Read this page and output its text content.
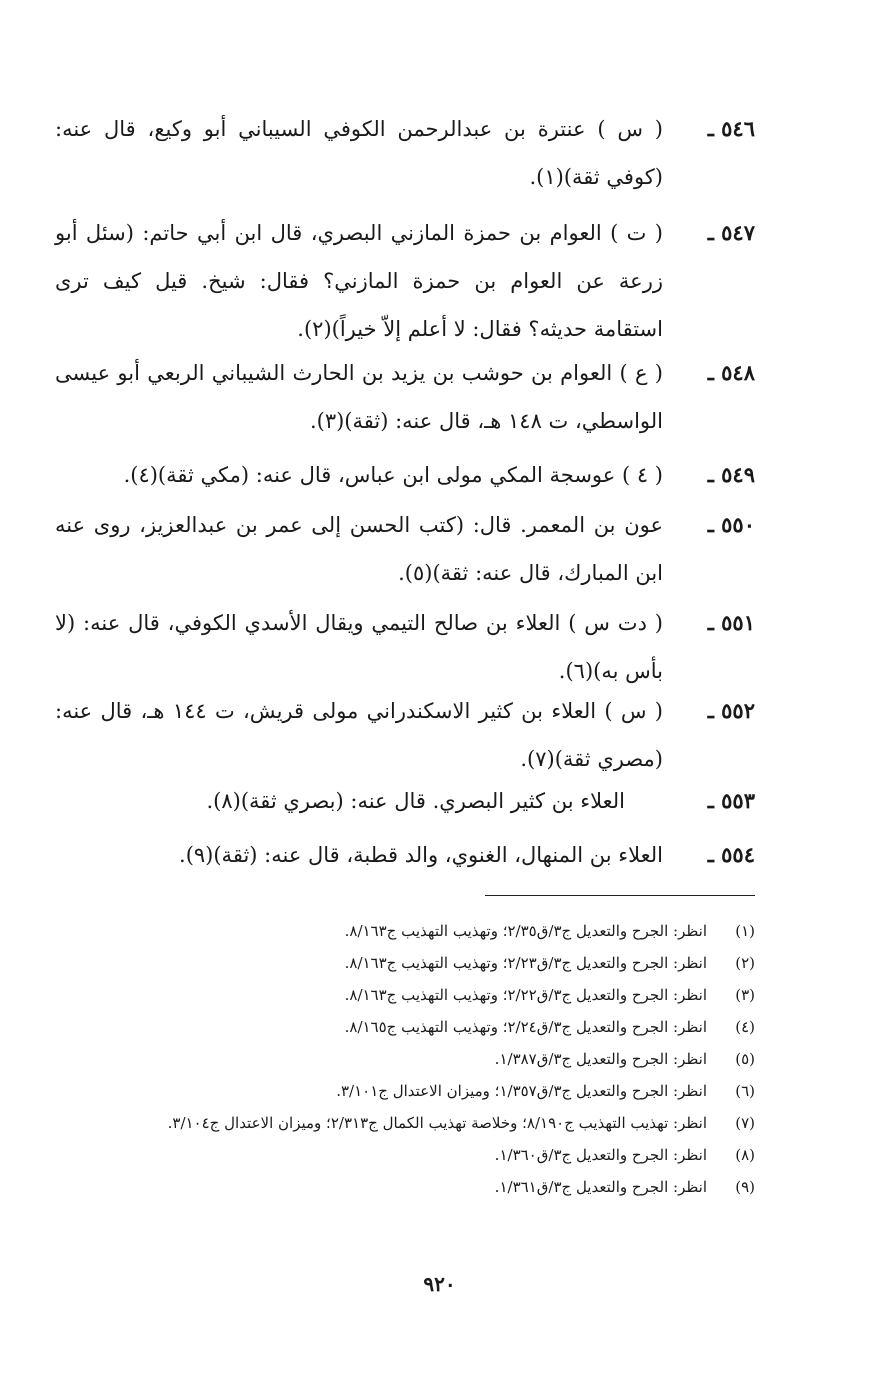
٥٤٦ ـ
( س ) عنترة بن عبدالرحمن الكوفي السيباني أبو وكيع، قال عنه: (كوفي ثقة)(١).
٥٤٧ ـ
( ت ) العوام بن حمزة المازني البصري، قال ابن أبي حاتم: (سئل أبو زرعة عن العوام بن حمزة المازني؟ فقال: شيخ. قيل كيف ترى استقامة حديثه؟ فقال: لا أعلم إلاّ خيراً)(٢).
٥٤٨ ـ
( ع ) العوام بن حوشب بن يزيد بن الحارث الشيباني الربعي أبو عيسى الواسطي، ت ١٤٨ هـ، قال عنه: (ثقة)(٣).
٥٤٩ ـ
( ٤ ) عوسجة المكي مولى ابن عباس، قال عنه: (مكي ثقة)(٤).
٥٥٠ ـ
عون بن المعمر. قال: (كتب الحسن إلى عمر بن عبدالعزيز، روى عنه ابن المبارك، قال عنه: ثقة)(٥).
٥٥١ ـ
( دت س ) العلاء بن صالح التيمي ويقال الأسدي الكوفي، قال عنه: (لا بأس به)(٦).
٥٥٢ ـ
( س ) العلاء بن كثير الاسكندراني مولى قريش، ت ١٤٤ هـ، قال عنه: (مصري ثقة)(٧).
٥٥٣ ـ
العلاء بن كثير البصري. قال عنه: (بصري ثقة)(٨).
٥٥٤ ـ
العلاء بن المنهال، الغنوي، والد قطبة، قال عنه: (ثقة)(٩).
(١)
انظر: الجرح والتعديل ج٣/ق٢/٣٥؛ وتهذيب التهذيب ج٨/١٦٣.
(٢)
انظر: الجرح والتعديل ج٣/ق٢/٢٣؛ وتهذيب التهذيب ج٨/١٦٣.
(٣)
انظر: الجرح والتعديل ج٣/ق٢/٢٢؛ وتهذيب التهذيب ج٨/١٦٣.
(٤)
انظر: الجرح والتعديل ج٣/ق٢/٢٤؛ وتهذيب التهذيب ج٨/١٦٥.
(٥)
انظر: الجرح والتعديل ج٣/ق١/٣٨٧.
(٦)
انظر: الجرح والتعديل ج٣/ق١/٣٥٧؛ وميزان الاعتدال ج٣/١٠١.
(٧)
انظر: تهذيب التهذيب ج٨/١٩٠؛ وخلاصة تهذيب الكمال ج٢/٣١٣؛ وميزان الاعتدال ج٣/١٠٤.
(٨)
انظر: الجرح والتعديل ج٣/ق١/٣٦٠.
(٩)
انظر: الجرح والتعديل ج٣/ق١/٣٦١.
٩٢٠
